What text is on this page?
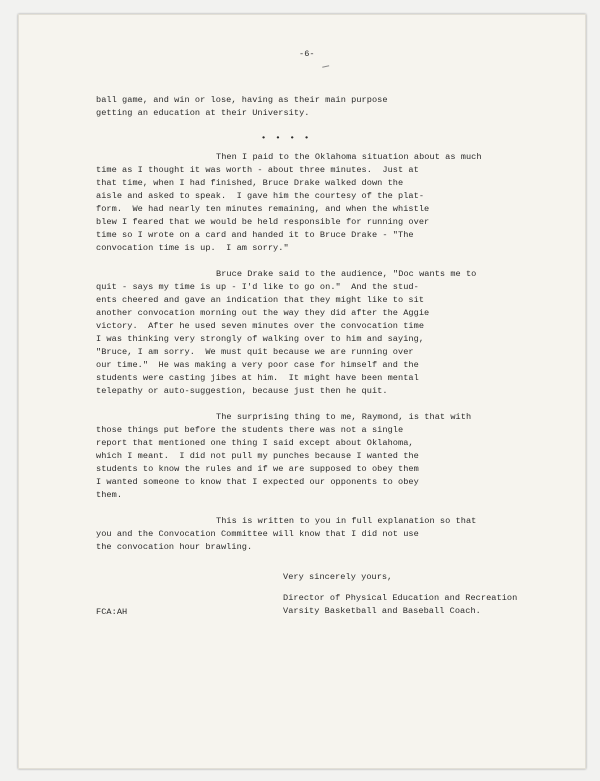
-6-
ball game, and win or lose, having as their main purpose
getting an education at their University.
• • • •
Then I paid to the Oklahoma situation about as much
time as I thought it was worth - about three minutes.  Just at
that time, when I had finished, Bruce Drake walked down the
aisle and asked to speak.  I gave him the courtesy of the plat-
form.  We had nearly ten minutes remaining, and when the whistle
blew I feared that we would be held responsible for running over
time so I wrote on a card and handed it to Bruce Drake - "The
convocation time is up.  I am sorry."
Bruce Drake said to the audience, "Doc wants me to
quit - says my time is up - I'd like to go on."  And the stud-
ents cheered and gave an indication that they might like to sit
another convocation morning out the way they did after the Aggie
victory.  After he used seven minutes over the convocation time
I was thinking very strongly of walking over to him and saying,
"Bruce, I am sorry.  We must quit because we are running over
our time."  He was making a very poor case for himself and the
students were casting jibes at him.  It might have been mental
telepathy or auto-suggestion, because just then he quit.
The surprising thing to me, Raymond, is that with
those things put before the students there was not a single
report that mentioned one thing I said except about Oklahoma,
which I meant.  I did not pull my punches because I wanted the
students to know the rules and if we are supposed to obey them
I wanted someone to know that I expected our opponents to obey
them.
This is written to you in full explanation so that
you and the Convocation Committee will know that I did not use
the convocation hour brawling.
Very sincerely yours,
Director of Physical Education and Recreation
Varsity Basketball and Baseball Coach.
FCA:AH
